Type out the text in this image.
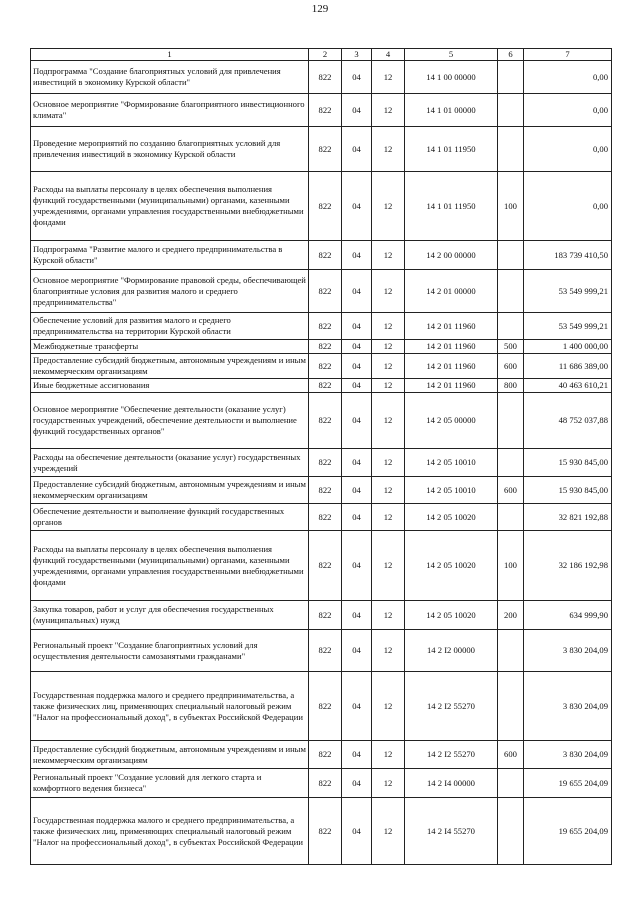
129
1	2	3	4	5	6	7
Подпрограмма "Создание благоприятных условий для привлечения инвестиций в экономику Курской области"	822	04	12	14 1 00 00000		0,00
Основное мероприятие "Формирование благоприятного инвестиционного климата"	822	04	12	14 1 01 00000		0,00
Проведение мероприятий по созданию благоприятных условий для привлечения инвестиций в экономику Курской области	822	04	12	14 1 01 11950		0,00
Расходы на выплаты персоналу в целях обеспечения выполнения функций государственными (муниципальными) органами, казенными учреждениями, органами управления государственными внебюджетными фондами	822	04	12	14 1 01 11950	100	0,00
Подпрограмма "Развитие малого и среднего предпринимательства в Курской области"	822	04	12	14 2 00 00000		183 739 410,50
Основное мероприятие "Формирование правовой среды, обеспечивающей благоприятные условия для развития малого и среднего предпринимательства"	822	04	12	14 2 01 00000		53 549 999,21
Обеспечение условий для развития малого и среднего предпринимательства на территории Курской области	822	04	12	14 2 01 11960		53 549 999,21
Межбюджетные трансферты	822	04	12	14 2 01 11960	500	1 400 000,00
Предоставление субсидий бюджетным, автономным учреждениям и иным некоммерческим организациям	822	04	12	14 2 01 11960	600	11 686 389,00
Иные бюджетные ассигнования	822	04	12	14 2 01 11960	800	40 463 610,21
Основное мероприятие "Обеспечение деятельности (оказание услуг) государственных учреждений, обеспечение деятельности и выполнение функций государственных органов"	822	04	12	14 2 05 00000		48 752 037,88
Расходы на обеспечение деятельности (оказание услуг) государственных учреждений	822	04	12	14 2 05 10010		15 930 845,00
Предоставление субсидий бюджетным, автономным учреждениям и иным некоммерческим организациям	822	04	12	14 2 05 10010	600	15 930 845,00
Обеспечение деятельности и выполнение функций государственных органов	822	04	12	14 2 05 10020		32 821 192,88
Расходы на выплаты персоналу в целях обеспечения выполнения функций государственными (муниципальными) органами, казенными учреждениями, органами управления государственными внебюджетными фондами	822	04	12	14 2 05 10020	100	32 186 192,98
Закупка товаров, работ и услуг для обеспечения государственных (муниципальных) нужд	822	04	12	14 2 05 10020	200	634 999,90
Региональный проект "Создание благоприятных условий для осуществления деятельности самозанятыми гражданами"	822	04	12	14 2 I2 00000		3 830 204,09
Государственная поддержка малого и среднего предпринимательства, а также физических лиц, применяющих специальный налоговый режим "Налог на профессиональный доход", в субъектах Российской Федерации	822	04	12	14 2 I2 55270		3 830 204,09
Предоставление субсидий бюджетным, автономным учреждениям и иным некоммерческим организациям	822	04	12	14 2 I2 55270	600	3 830 204,09
Региональный проект "Создание условий для легкого старта и комфортного ведения бизнеса"	822	04	12	14 2 I4 00000		19 655 204,09
Государственная поддержка малого и среднего предпринимательства, а также физических лиц, применяющих специальный налоговый режим "Налог на профессиональный доход", в субъектах Российской Федерации	822	04	12	14 2 I4 55270		19 655 204,09
